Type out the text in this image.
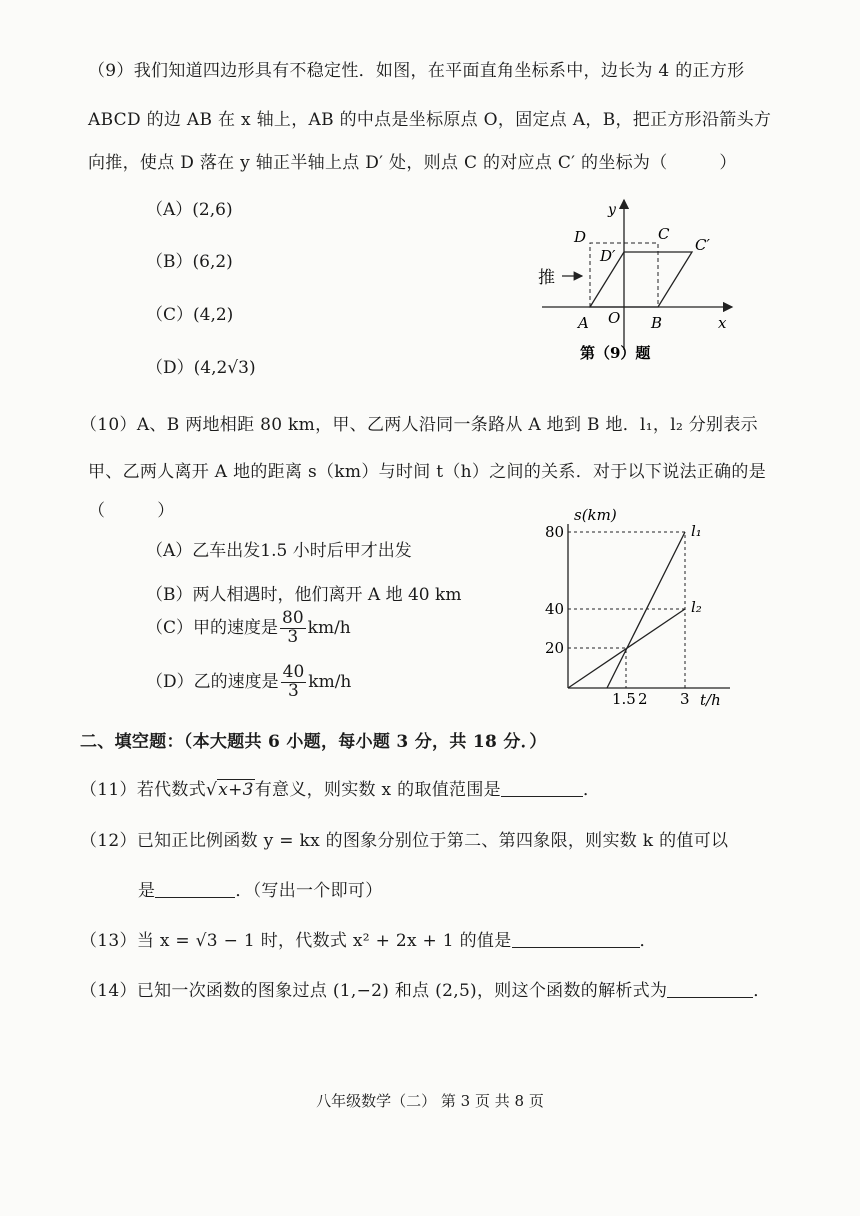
（9）我们知道四边形具有不稳定性．如图，在平面直角坐标系中，边长为 4 的正方形
ABCD 的边 AB 在 x 轴上，AB 的中点是坐标原点 O，固定点 A，B，把正方形沿箭头方
向推，使点 D 落在 y 轴正半轴上点 D′ 处，则点 C 的对应点 C′ 的坐标为（　　　）
（A）(2,6)
（B）(6,2)
（C）(4,2)
（D）(4,2√3)
y
x
D	C
D′
C′
推
A O B
第（9）题
（10）A、B 两地相距 80 km，甲、乙两人沿同一条路从 A 地到 B 地．l₁，l₂ 分别表示
甲、乙两人离开 A 地的距离 s（km）与时间 t（h）之间的关系．对于以下说法正确的是
（　　　）
（A）乙车出发1.5 小时后甲才出发
（B）两人相遇时，他们离开 A 地 40 km
（C）甲的速度是 $\frac{80}{3} km/h$
（D）乙的速度是 $\frac{40}{3} km/h$
s(km)
t/h
l₁
l₂
80
40
20
1.5 2 3
二、填空题：（本大题共 6 小题，每小题 3 分，共 18 分．）
（11）若代数式√x+3有意义，则实数 x 的取值范围是	．
（12）已知正比例函数 y = kx 的图象分别位于第二、第四象限，则实数 k 的值可以
是	．（写出一个即可）
（13）当 x = √3 − 1 时，代数式 x² + 2x + 1 的值是	．
（14）已知一次函数的图象过点 (1,−2) 和点 (2,5)，则这个函数的解析式为	．
八年级数学（二） 第 3 页 共 8 页
